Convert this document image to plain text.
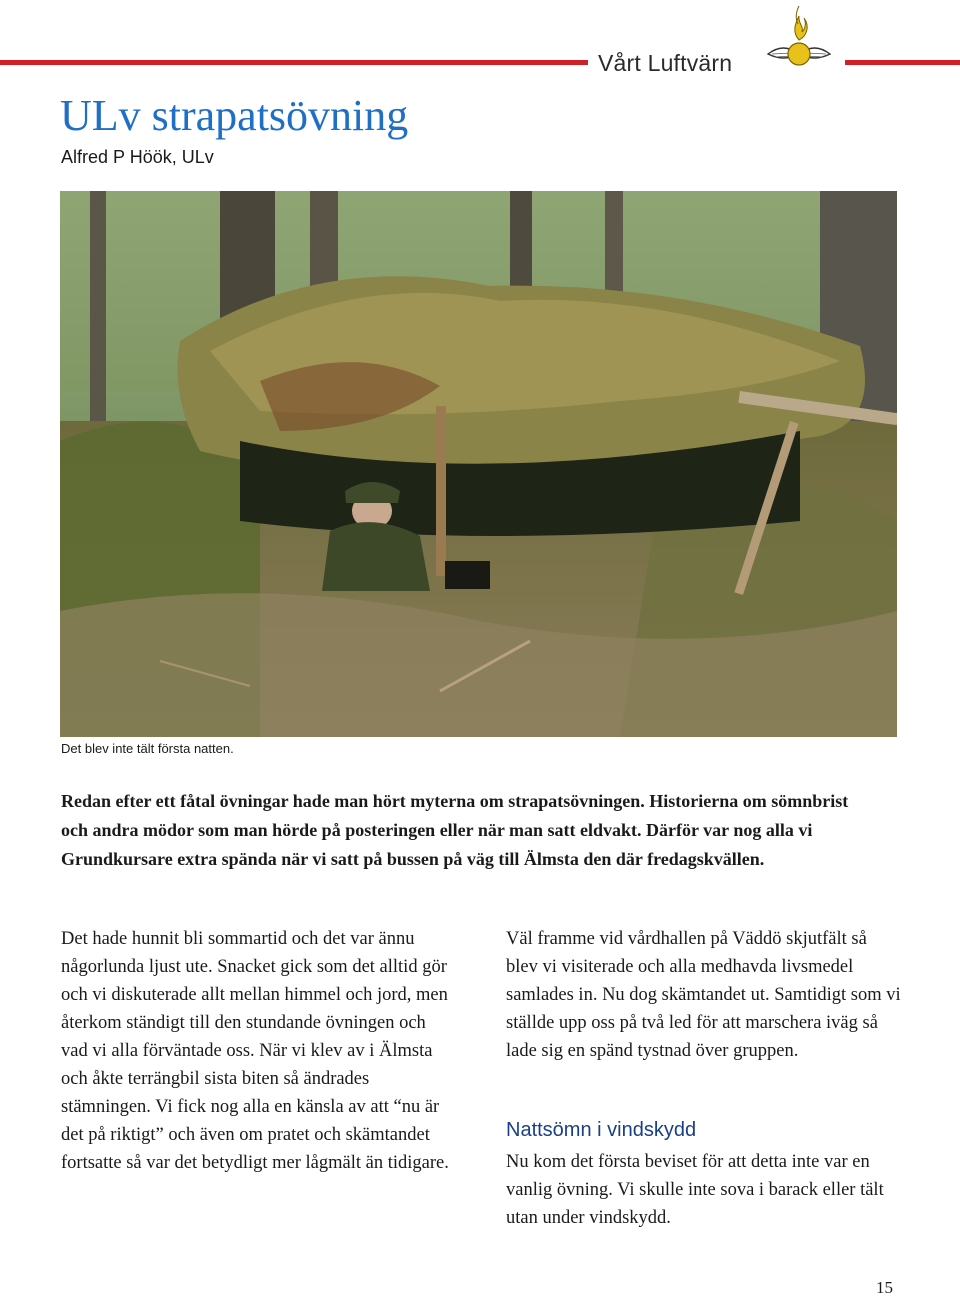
Vårt Luftvärn
ULv strapatsövning
Alfred P Höök, ULv
Det blev inte tält första natten.

Redan efter ett fåtal övningar hade man hört myterna om strapatsövningen. Historierna om sömnbrist och andra mödor som man hörde på posteringen eller när man satt eldvakt. Därför var nog alla vi Grundkursare extra spända när vi satt på bussen på väg till Älmsta den där fredagskvällen.

Det hade hunnit bli sommartid och det var ännu någorlunda ljust ute. Snacket gick som det alltid gör och vi diskuterade allt mellan himmel och jord, men återkom ständigt till den stundande övningen och vad vi alla förväntade oss. När vi klev av i Älmsta och åkte terrängbil sista biten så ändrades stämningen. Vi fick nog alla en känsla av att “nu är det på riktigt” och även om pratet och skämtandet fortsatte så var det betydligt mer lågmält än tidigare.

Väl framme vid vårdhallen på Väddö skjutfält så blev vi visiterade och alla medhavda livsmedel samlades in. Nu dog skämtandet ut. Samtidigt som vi ställde upp oss på två led för att marschera iväg så lade sig en spänd tystnad över gruppen.

Nattsömn i vindskydd

Nu kom det första beviset för att detta inte var en vanlig övning. Vi skulle inte sova i barack eller tält utan under vindskydd.

15
